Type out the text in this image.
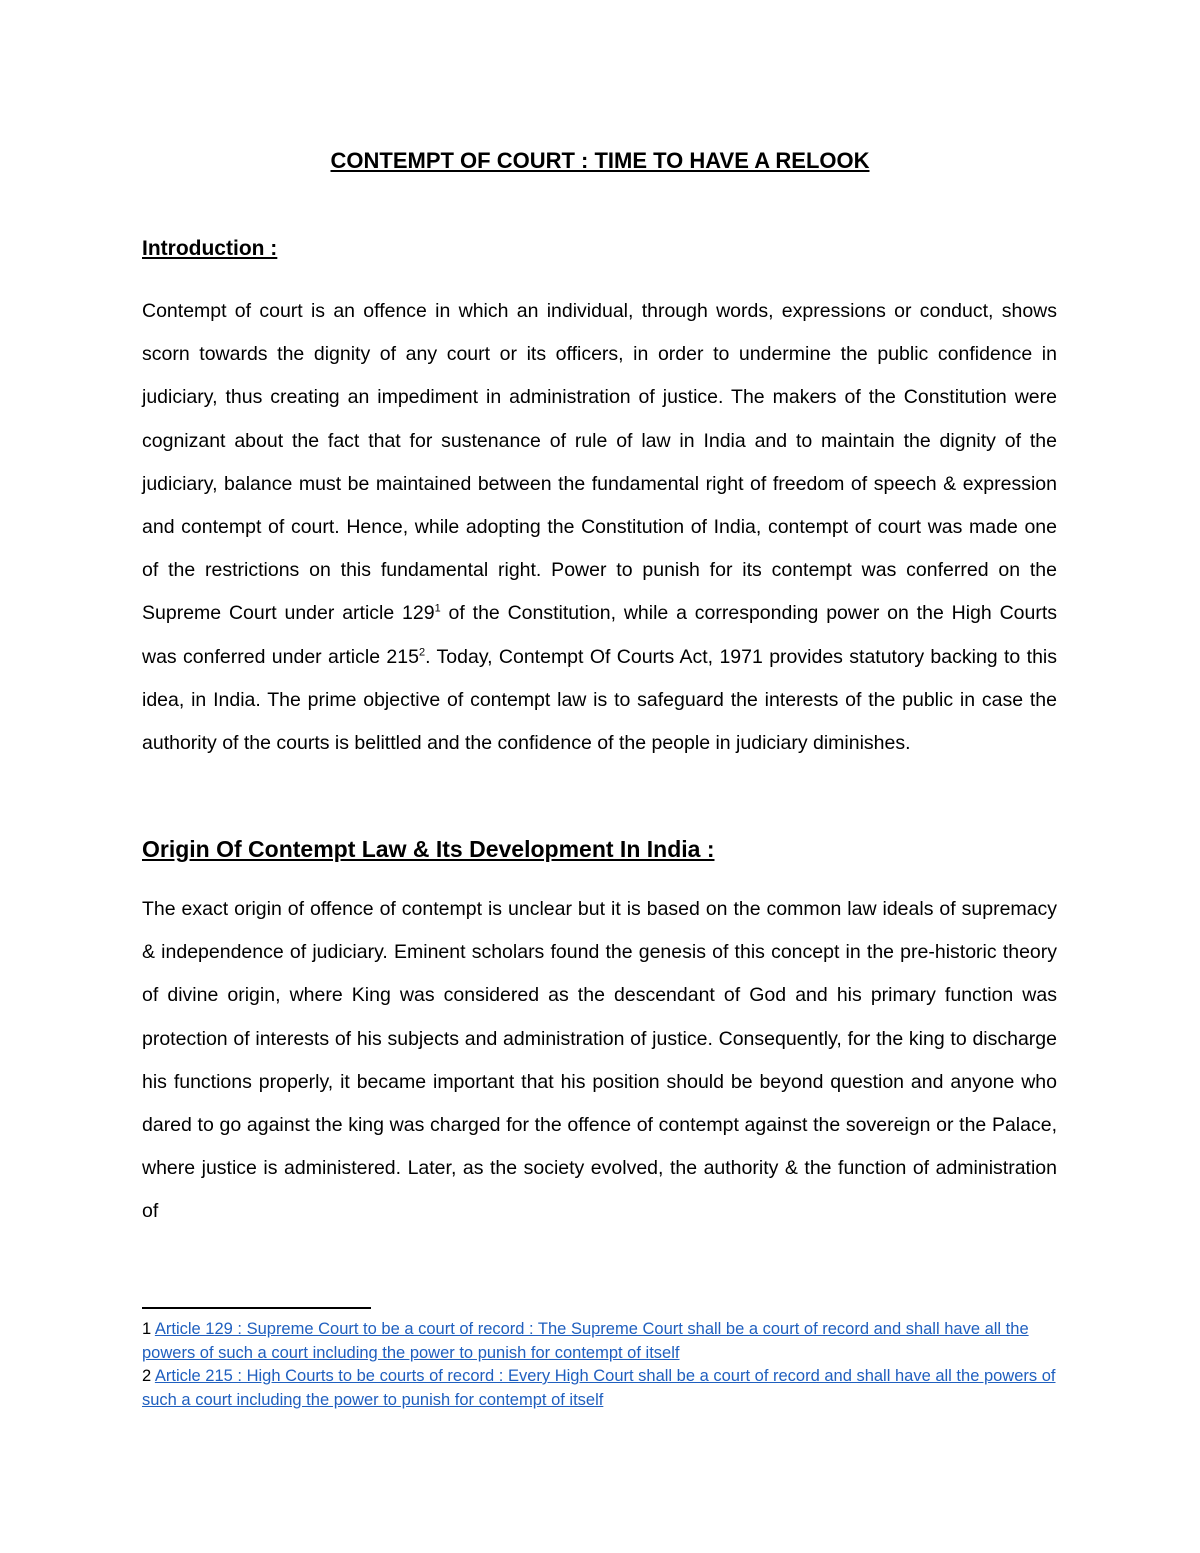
CONTEMPT OF COURT : TIME TO HAVE A RELOOK
Introduction :
Contempt of court is an offence in which an individual, through words, expressions or conduct, shows scorn towards the dignity of any court or its officers, in order to undermine the public confidence in judiciary, thus creating an impediment in administration of justice. The makers of the Constitution were cognizant about the fact that for sustenance of rule of law in India and to maintain the dignity of the judiciary, balance must be maintained between the fundamental right of freedom of speech & expression and contempt of court. Hence, while adopting the Constitution of India, contempt of court was made one of the restrictions on this fundamental right. Power to punish for its contempt was conferred on the Supreme Court under article $129^1$ of the Constitution, while a corresponding power on the High Courts was conferred under article $215^2$. Today, Contempt Of Courts Act, 1971 provides statutory backing to this idea, in India. The prime objective of contempt law is to safeguard the interests of the public in case the authority of the courts is belittled and the confidence of the people in judiciary diminishes.
Origin Of Contempt Law & Its Development In India :
The exact origin of offence of contempt is unclear but it is based on the common law ideals of supremacy & independence of judiciary. Eminent scholars found the genesis of this concept in the pre-historic theory of divine origin, where King was considered as the descendant of God and his primary function was protection of interests of his subjects and administration of justice. Consequently, for the king to discharge his functions properly, it became important that his position should be beyond question and anyone who dared to go against the king was charged for the offence of contempt against the sovereign or the Palace, where justice is administered. Later, as the society evolved, the authority & the function of administration of

1 Article 129 : Supreme Court to be a court of record : The Supreme Court shall be a court of record and shall have all the powers of such a court including the power to punish for contempt of itself

2 Article 215 : High Courts to be courts of record : Every High Court shall be a court of record and shall have all the powers of such a court including the power to punish for contempt of itself
